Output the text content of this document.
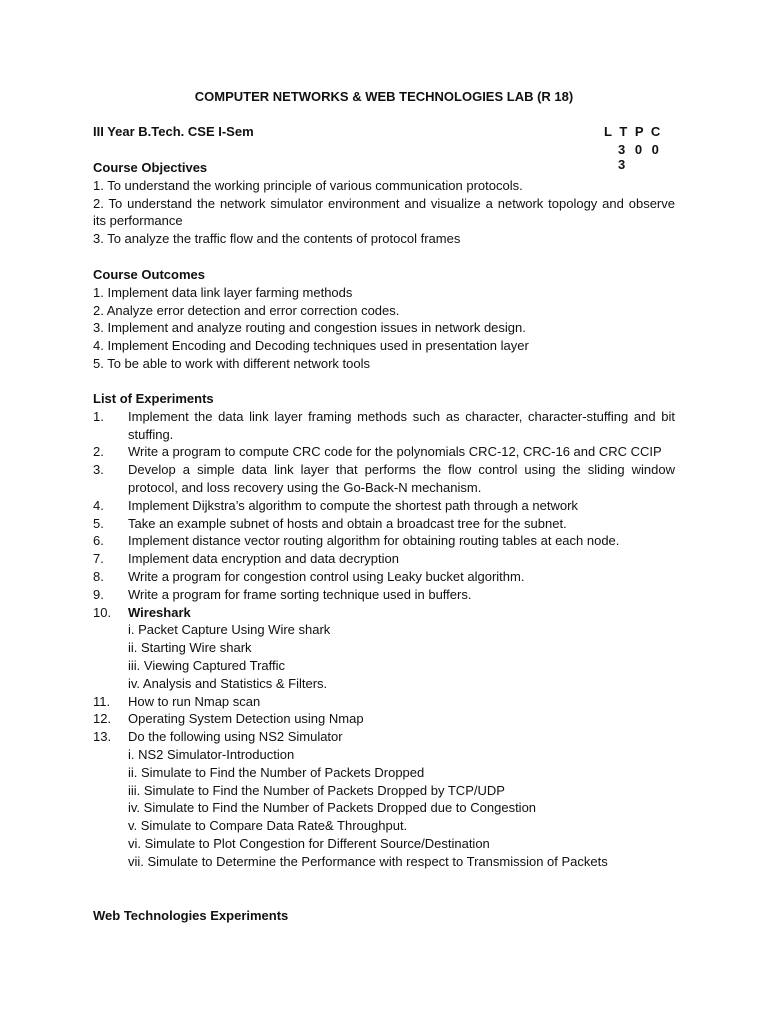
COMPUTER NETWORKS & WEB TECHNOLOGIES LAB (R 18)
III Year B.Tech. CSE I-Sem	L T P C
3 0 0 3
Course Objectives
1. To understand the working principle of various communication protocols.
2. To understand the network simulator environment and visualize a network topology and observe its performance
3. To analyze the traffic flow and the contents of protocol frames
Course Outcomes
1. Implement data link layer farming methods
2. Analyze error detection and error correction codes.
3. Implement and analyze routing and congestion issues in network design.
4. Implement Encoding and Decoding techniques used in presentation layer
5. To be able to work with different network tools
List of Experiments
1.	Implement the data link layer framing methods such as character, character-stuffing and bit stuffing.
2.	Write a program to compute CRC code for the polynomials CRC-12, CRC-16 and CRC CCIP
3.	Develop a simple data link layer that performs the flow control using the sliding window protocol, and loss recovery using the Go-Back-N mechanism.
4.	Implement Dijkstra’s algorithm to compute the shortest path through a network
5.	Take an example subnet of hosts and obtain a broadcast tree for the subnet.
6.	Implement distance vector routing algorithm for obtaining routing tables at each node.
7.	Implement data encryption and data decryption
8.	Write a program for congestion control using Leaky bucket algorithm.
9.	Write a program for frame sorting technique used in buffers.
10.	Wireshark
i. Packet Capture Using Wire shark
ii. Starting Wire shark
iii. Viewing Captured Traffic
iv. Analysis and Statistics & Filters.
11.	How to run Nmap scan
12.	Operating System Detection using Nmap
13.	Do the following using NS2 Simulator
i. NS2 Simulator-Introduction
ii. Simulate to Find the Number of Packets Dropped
iii. Simulate to Find the Number of Packets Dropped by TCP/UDP
iv. Simulate to Find the Number of Packets Dropped due to Congestion
v. Simulate to Compare Data Rate& Throughput.
vi. Simulate to Plot Congestion for Different Source/Destination
vii. Simulate to Determine the Performance with respect to Transmission of Packets
Web Technologies Experiments
